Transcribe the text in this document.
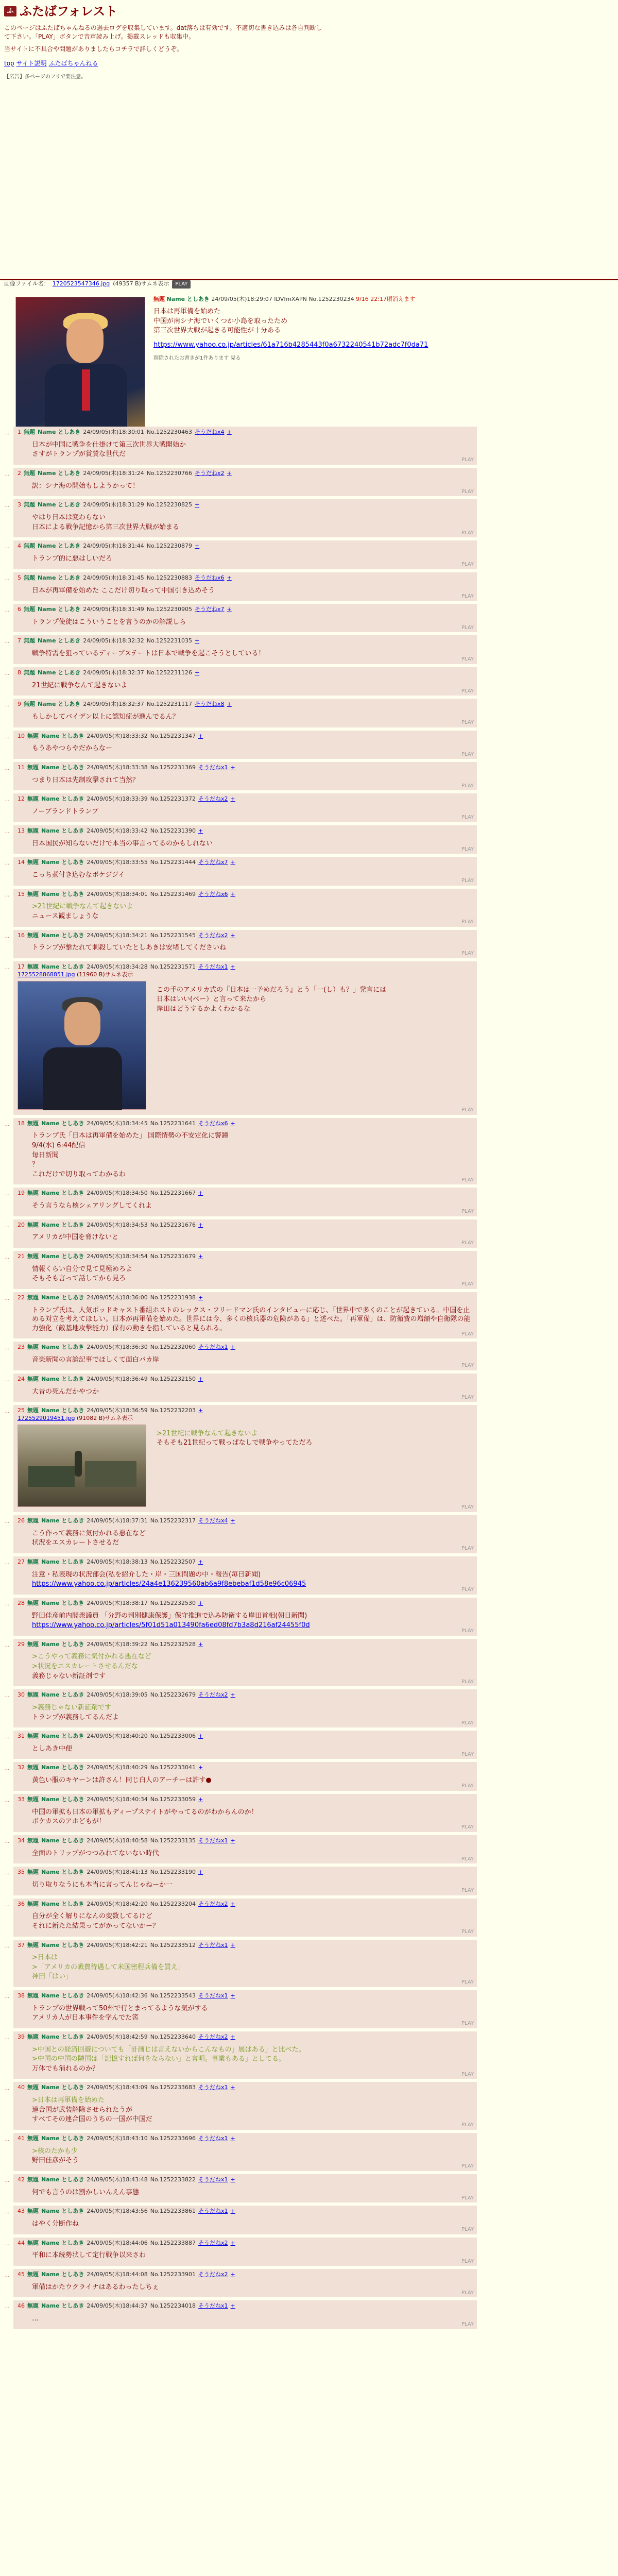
ふ ふたばフォレスト

このページはふたばちゃんねるの過去ログを収集しています。dat落ちは有効です。不適切な書き込みは各自判断して下さい。「PLAY」ボタンで音声読み上げ。掲載スレッドも収集中。

当サイトに不具合や問題がありましたらコチラで詳しくどうぞ。

top サイト説明 ふたばちゃんねる
【広告】多ページのフリで要注意。
画像ファイル名： 1720523547346.jpg (49357 B)サムネ表示	PLAY
無題 Name としあき 24/09/05(木)18:29:07 IDVfmXAPN No.1252230234 9/16 22:17頃消えます
日本は再軍備を始めた
中国が南シナ海でいくつか小島を取ったため
第三次世界大戦が起きる可能性が十分ある
https://www.yahoo.co.jp/articles/61a716b4285443f0a6732240541b72adc7f0da71
削除されたお書きが1件あります 見る
…	1 無題 Name としあき 24/09/05(木)18:30:01 No.1252230463 そうだねx4 +
日本が中国に戦争を仕掛けて第三次世界大戦開始か
さすがトランプが賞賛な世代だ
PLAY
…	2 無題 Name としあき 24/09/05(木)18:31:24 No.1252230766 そうだねx2 +
訳：シナ海の開始もしようかって！
PLAY
…	3 無題 Name としあき 24/09/05(木)18:31:29 No.1252230825 +
やはり日本は変わらない
日本による戦争記憶から第三次世界大戦が始まる
PLAY
…	4 無題 Name としあき 24/09/05(木)18:31:44 No.1252230879 +
トランプ的に悪はしいだろ
PLAY
…	5 無題 Name としあき 24/09/05(木)18:31:45 No.1252230883 そうだねx6 +
日本が再軍備を始めた ここだけ切り取って中国引き込めそう
PLAY
…	6 無題 Name としあき 24/09/05(木)18:31:49 No.1252230905 そうだねx7 +
トランプ使徒はこういうことを言うのかの解説しら
PLAY
…	7 無題 Name としあき 24/09/05(木)18:32:32 No.1252231035 +
戦争特需を狙っているディープステートは日本で戦争を起こそうとしている！
PLAY
…	8 無題 Name としあき 24/09/05(木)18:32:37 No.1252231126 +
21世紀に戦争なんて起きないよ
PLAY
…	9 無題 Name としあき 24/09/05(木)18:32:37 No.1252231117 そうだねx8 +
もしかしてバイデン以上に認知症が進んでるん？
PLAY
…	10 無題 Name としあき 24/09/05(木)18:33:32 No.1252231347 +
もうあやつらやだからなー
PLAY
…	11 無題 Name としあき 24/09/05(木)18:33:38 No.1252231369 そうだねx1 +
つまり日本は先制攻撃されて当然？
PLAY
…	12 無題 Name としあき 24/09/05(木)18:33:39 No.1252231372 そうだねx2 +
ノーブランドトランプ
PLAY
…	13 無題 Name としあき 24/09/05(木)18:33:42 No.1252231390 +
日本国民が知らないだけで本当の事言ってるのかもしれない
PLAY
…	14 無題 Name としあき 24/09/05(木)18:33:55 No.1252231444 そうだねx7 +
こっち煮付き込むなボケジジイ
PLAY
…	15 無題 Name としあき 24/09/05(木)18:34:01 No.1252231469 そうだねx6 +
>21世紀に戦争なんて起きないよ
ニュース観ましょうな
PLAY
…	16 無題 Name としあき 24/09/05(木)18:34:21 No.1252231545 そうだねx2 +
トランプが撃たれて刺殺していたとしあきは安堵してくださいね
PLAY
…	17 無題 Name としあき 24/09/05(木)18:34:28 No.1252231571 そうだねx1 +
1725528868851.jpg (11960 B)サムネ表示
この手のアメリカ式の『日本は一予めだろう』とう「一(し）も？」発言には
日本はいい(ベー）と言って来たから
岸田はどうするかよくわかるな
PLAY
…	18 無題 Name としあき 24/09/05(木)18:34:45 No.1252231641 そうだねx6 +
トランプ氏「日本は再軍備を始めた」 国際情勢の不安定化に警鐘
9/4(水) 6:44配信
毎日新聞
？
これだけで切り取ってわかるわ
PLAY
…	19 無題 Name としあき 24/09/05(木)18:34:50 No.1252231667 +
そう言うなら核シェアリングしてくれよ
PLAY
…	20 無題 Name としあき 24/09/05(木)18:34:53 No.1252231676 +
アメリカが中国を脅けないと
PLAY
…	21 無題 Name としあき 24/09/05(木)18:34:54 No.1252231679 +
情報くらい自分で見て見極めろよ
そもそも言って話してから見ろ
PLAY
…	22 無題 Name としあき 24/09/05(木)18:36:00 No.1252231938 +
トランプ氏は、人気ポッドキャスト番組ホストのレックス・フリードマン氏のインタビューに応じ、「世界中で多くのことが起きている。中国を止める対立を考えてほしい。日本が再軍備を始めた。世界には今、多くの核兵器の危険がある」と述べた。「再軍備」は、防衛費の増額や自衛隊の能力強化（敵基地攻撃能力）保有の動きを指していると見られる。
PLAY
…	23 無題 Name としあき 24/09/05(木)18:36:30 No.1252232060 そうだねx1 +
音楽新聞の言論記事でほしくて面白バカ岸
PLAY
…	24 無題 Name としあき 24/09/05(木)18:36:49 No.1252232150 +
大昔の死んだかやつか
PLAY
…	25 無題 Name としあき 24/09/05(木)18:36:59 No.1252232203 +
1725529019451.jpg (91082 B)サムネ表示
>21世紀に戦争なんて起きないよ
そもそも21世紀って戦っぱなしで戦争やってただろ
PLAY
…	26 無題 Name としあき 24/09/05(木)18:37:31 No.1252232317 そうだねx4 +
こう作って義務に気付かれる悪在など
状況をエスカレートさせるだ
PLAY
…	27 無題 Name としあき 24/09/05(木)18:38:13 No.1252232507 +
注意・私表現の状況部会(私を紹介した・岸・三国問題の中・報告(毎日新聞)
https://www.yahoo.co.jp/articles/24a4e136239560ab6a9f8ebebaf1d58e96c06945
PLAY
…	28 無題 Name としあき 24/09/05(木)18:38:17 No.1252232530 +
野田佳彦前内閣衆議員 「分野の判別健康保護」保守推進で込み防衛する岸田首相(朝日新聞)
https://www.yahoo.co.jp/articles/5f01d51a013490fa6ed08fd7b3a8d216af24455f0d
PLAY
…	29 無題 Name としあき 24/09/05(木)18:39:22 No.1252232528 +
>こうやって義務に気付かれる悪在など
>状況をエスカレートさせるんだな
義務じゃない新証剤です
PLAY
…	30 無題 Name としあき 24/09/05(木)18:39:05 No.1252232679 そうだねx2 +
>義務じゃない新証剤です
トランプが義務してるんだよ
PLAY
…	31 無題 Name としあき 24/09/05(木)18:40:20 No.1252233006 +
としあき中便
PLAY
…	32 無題 Name としあき 24/09/05(木)18:40:29 No.1252233041 +
黄色い服のキヤーンは許さん！同じ白人のアーチーは許す●
PLAY
…	33 無題 Name としあき 24/09/05(木)18:40:34 No.1252233059 +
中国の軍拡も日本の軍拡もディープステイトがやってるのがわからんのか！
ボケカスのアホどもが！
PLAY
…	34 無題 Name としあき 24/09/05(木)18:40:58 No.1252233135 そうだねx1 +
全面のトリップがつつみれてないない時代
PLAY
…	35 無題 Name としあき 24/09/05(木)18:41:13 No.1252233190 +
切り取りなうにも本当に言ってんじゃねーか一
PLAY
…	36 無題 Name としあき 24/09/05(木)18:42:20 No.1252233204 そうだねx2 +
自分が全く解りになんの変数してるけど
それに新たた結果ってがかってないかー？
PLAY
…	37 無題 Name としあき 24/09/05(木)18:42:21 No.1252233512 そうだねx1 +
>日本は
>「アメリカの戦費待遇して米国密程兵備を買え」
神田「はい」
PLAY
…	38 無題 Name としあき 24/09/05(木)18:42:36 No.1252233543 そうだねx1 +
トランプの世界戦って50州で行とまってるような気がする
アメリカ人が日本事件を学んでた筈
PLAY
…	39 無題 Name としあき 24/09/05(木)18:42:59 No.1252233640 そうだねx2 +
>中国との経済回避についても「計画じは言えないからこんなもの」展はある」と比べた。
>中国の中国の隣国は「記憶すれば何をならない」と言明。事業もある」としてる。
万体でも消れるのか？
PLAY
…	40 無題 Name としあき 24/09/05(木)18:43:09 No.1252233683 そうだねx1 +
>日本は再軍備を始めた
連合国が武装解除させられたうが
すべてその連合国のうちの一国が中国だ
PLAY
…	41 無題 Name としあき 24/09/05(木)18:43:10 No.1252233696 そうだねx1 +
>核のたかも少
野田佳彦がそう
PLAY
…	42 無題 Name としあき 24/09/05(木)18:43:48 No.1252233822 そうだねx1 +
何でも言うのは割かしいんえん事態
PLAY
…	43 無題 Name としあき 24/09/05(木)18:43:56 No.1252233861 そうだねx1 +
はやく分断作ね
PLAY
…	44 無題 Name としあき 24/09/05(木)18:44:06 No.1252233887 そうだねx2 +
平和に本続勢状して定行戦争以来さわ
PLAY
…	45 無題 Name としあき 24/09/05(木)18:44:08 No.1252233901 そうだねx2 +
軍備はかたウクライナはあるわったしちぇ
PLAY
…	46 無題 Name としあき 24/09/05(木)18:44:37 No.1252234018 そうだねx1 +
…
PLAY
